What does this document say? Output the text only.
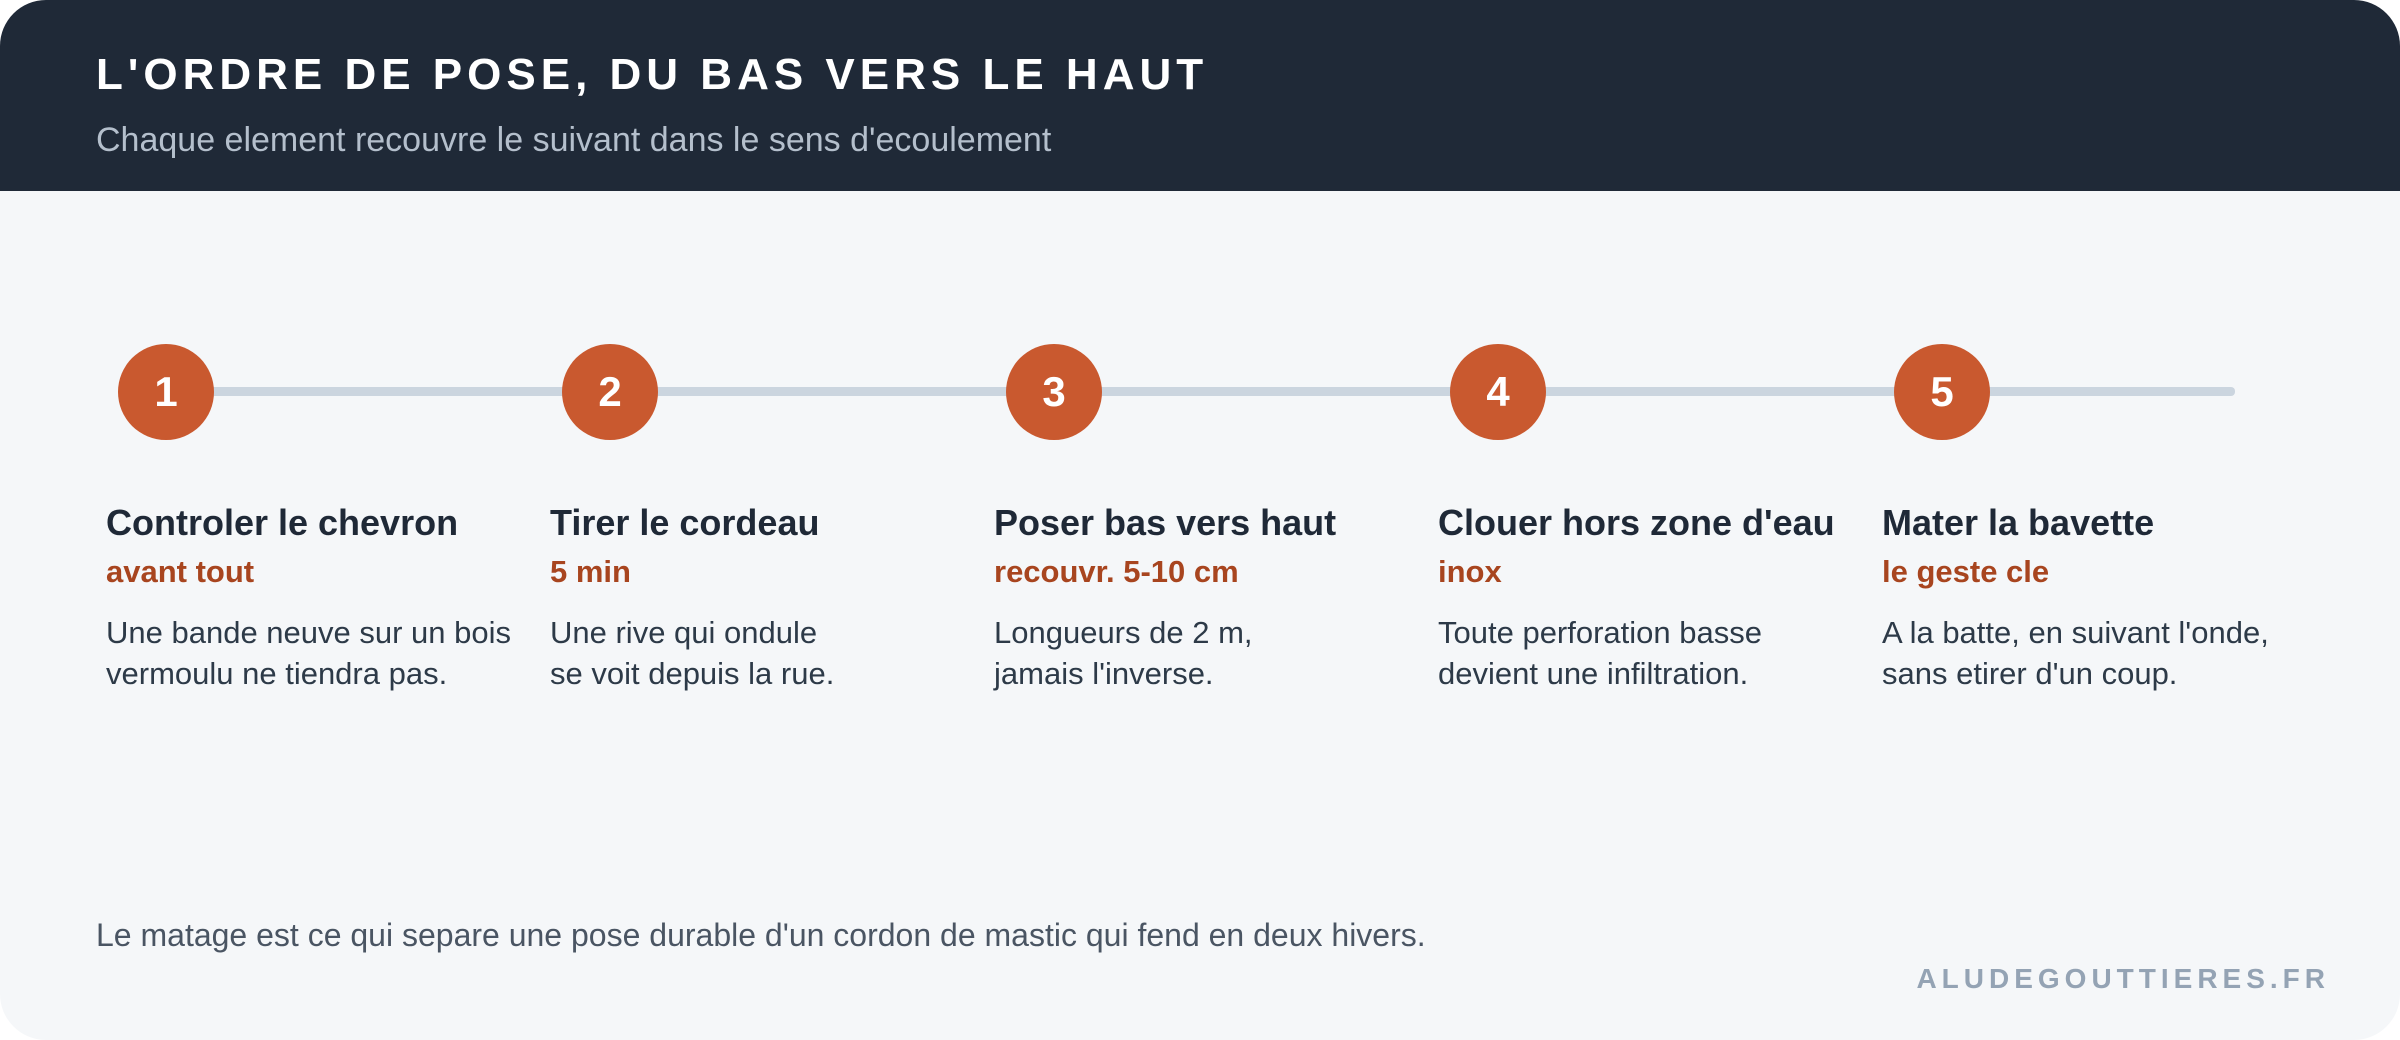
L'ORDRE DE POSE, DU BAS VERS LE HAUT
Chaque element recouvre le suivant dans le sens d'ecoulement
1	2	3	4	5
Controler le chevron
avant tout
Une bande neuve sur un bois
vermoulu ne tiendra pas.
Tirer le cordeau
5 min
Une rive qui ondule
se voit depuis la rue.
Poser bas vers haut
recouvr. 5-10 cm
Longueurs de 2 m,
jamais l'inverse.
Clouer hors zone d'eau
inox
Toute perforation basse
devient une infiltration.
Mater la bavette
le geste cle
A la batte, en suivant l'onde,
sans etirer d'un coup.
Le matage est ce qui separe une pose durable d'un cordon de mastic qui fend en deux hivers.
ALUDEGOUTTIERES.FR
